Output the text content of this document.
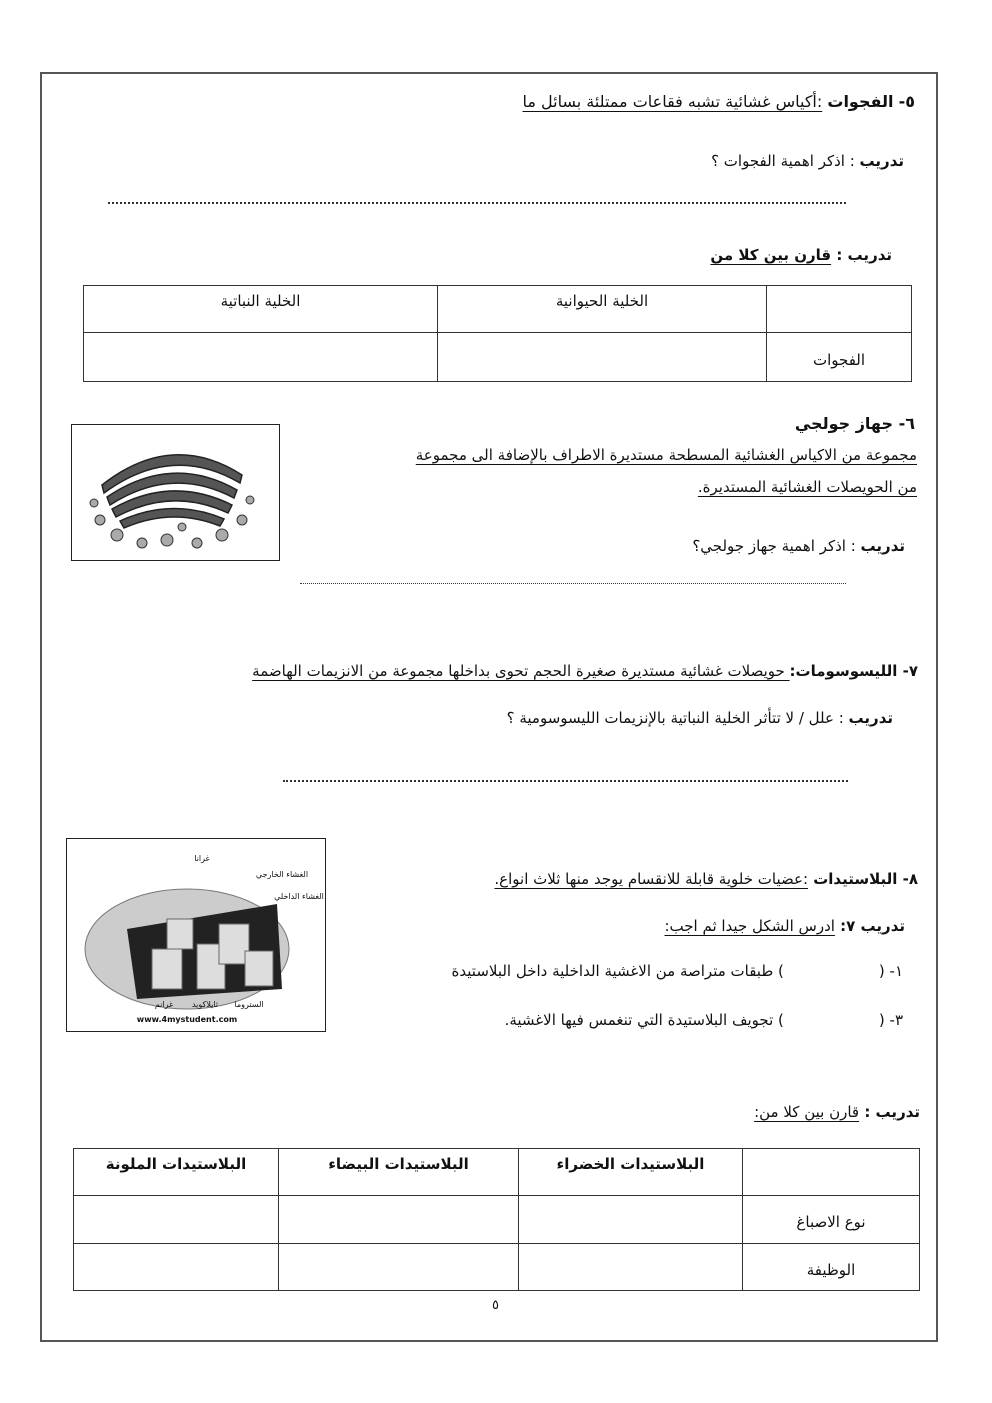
٥- الفجوات :أكياس غشائية تشبه فقاعات ممتلئة بسائل ما
تدريب : اذكر اهمية الفجوات ؟
تدريب : قارن بين كلا من
	الخلية الحيوانية	الخلية النباتية
الفجوات		
٦- جهاز جولجي
مجموعة من الاكياس الغشائية المسطحة مستديرة الاطراف بالإضافة الى مجموعة
من الحويصلات الغشائية المستديرة.
تدريب : اذكر اهمية جهاز جولجي؟
٧- الليسوسومات: حويصلات غشائية مستديرة صغيرة الحجم تحوى بداخلها مجموعة من الانزيمات الهاضمة
تدريب : علل / لا تتأثر الخلية النباتية بالإنزيمات الليسوسومية ؟
غرانا
الغشاء الخارجي
الغشاء الداخلي
غرانم ثايلاكويد الستروما
www.4mystudent.com
٨- البلاستيدات :عضيات خلوية قابلة للانقسام يوجد منها ثلاث انواع.
تدريب ٧: ادرس الشكل جيدا ثم اجب:
١- () طبقات متراصة من الاغشية الداخلية داخل البلاستيدة
٣- () تجويف البلاستيدة التي تنغمس فيها الاغشية.
تدريب : قارن بين كلا من:
	البلاستيدات الخضراء	البلاستيدات البيضاء	البلاستيدات الملونة
نوع الاصباغ			
الوظيفة			
٥
